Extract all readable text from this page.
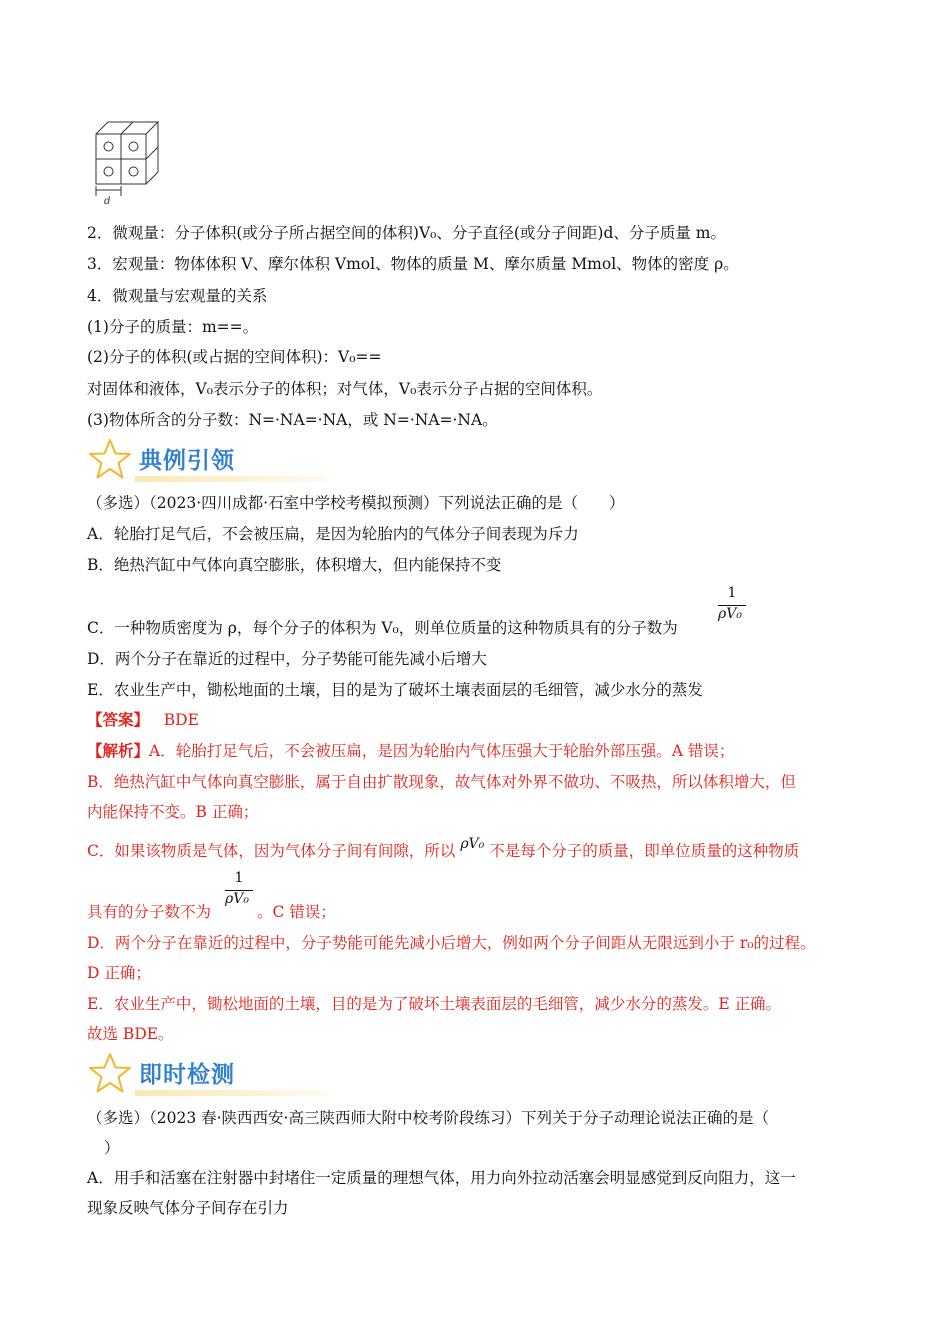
d
2．微观量：分子体积(或分子所占据空间的体积)V₀、分子直径(或分子间距)d、分子质量 m。
3．宏观量：物体体积 V、摩尔体积 Vmol、物体的质量 M、摩尔质量 Mmol、物体的密度 ρ。
4．微观量与宏观量的关系
(1)分子的质量：m==。
(2)分子的体积(或占据的空间体积)：V₀==
对固体和液体，V₀表示分子的体积；对气体，V₀表示分子占据的空间体积。
(3)物体所含的分子数：N=·NA=·NA，或 N=·NA=·NA。
典例引领
（多选）（2023·四川成都·石室中学校考模拟预测）下列说法正确的是（　　）
A．轮胎打足气后，不会被压扁，是因为轮胎内的气体分子间表现为斥力
B．绝热汽缸中气体向真空膨胀，体积增大，但内能保持不变
C．一种物质密度为 ρ，每个分子的体积为 V₀，则单位质量的这种物质具有的分子数为
1
ρV₀
D．两个分子在靠近的过程中，分子势能可能先减小后增大
E．农业生产中，锄松地面的土壤，目的是为了破坏土壤表面层的毛细管，减少水分的蒸发
【答案】 BDE
【解析】A．轮胎打足气后，不会被压扁，是因为轮胎内气体压强大于轮胎外部压强。A 错误；
B．绝热汽缸中气体向真空膨胀，属于自由扩散现象，故气体对外界不做功、不吸热，所以体积增大，但
内能保持不变。B 正确；
C．如果该物质是气体，因为气体分子间有间隙，所以 ρV₀ 不是每个分子的质量，即单位质量的这种物质
具有的分子数不为
1
ρV₀
。C 错误；
D．两个分子在靠近的过程中，分子势能可能先减小后增大，例如两个分子间距从无限远到小于 r₀的过程。
D 正确；
E．农业生产中，锄松地面的土壤，目的是为了破坏土壤表面层的毛细管，减少水分的蒸发。E 正确。
故选 BDE。
即时检测
（多选）（2023 春·陕西西安·高三陕西师大附中校考阶段练习）下列关于分子动理论说法正确的是（
）
A．用手和活塞在注射器中封堵住一定质量的理想气体，用力向外拉动活塞会明显感觉到反向阻力，这一
现象反映气体分子间存在引力
